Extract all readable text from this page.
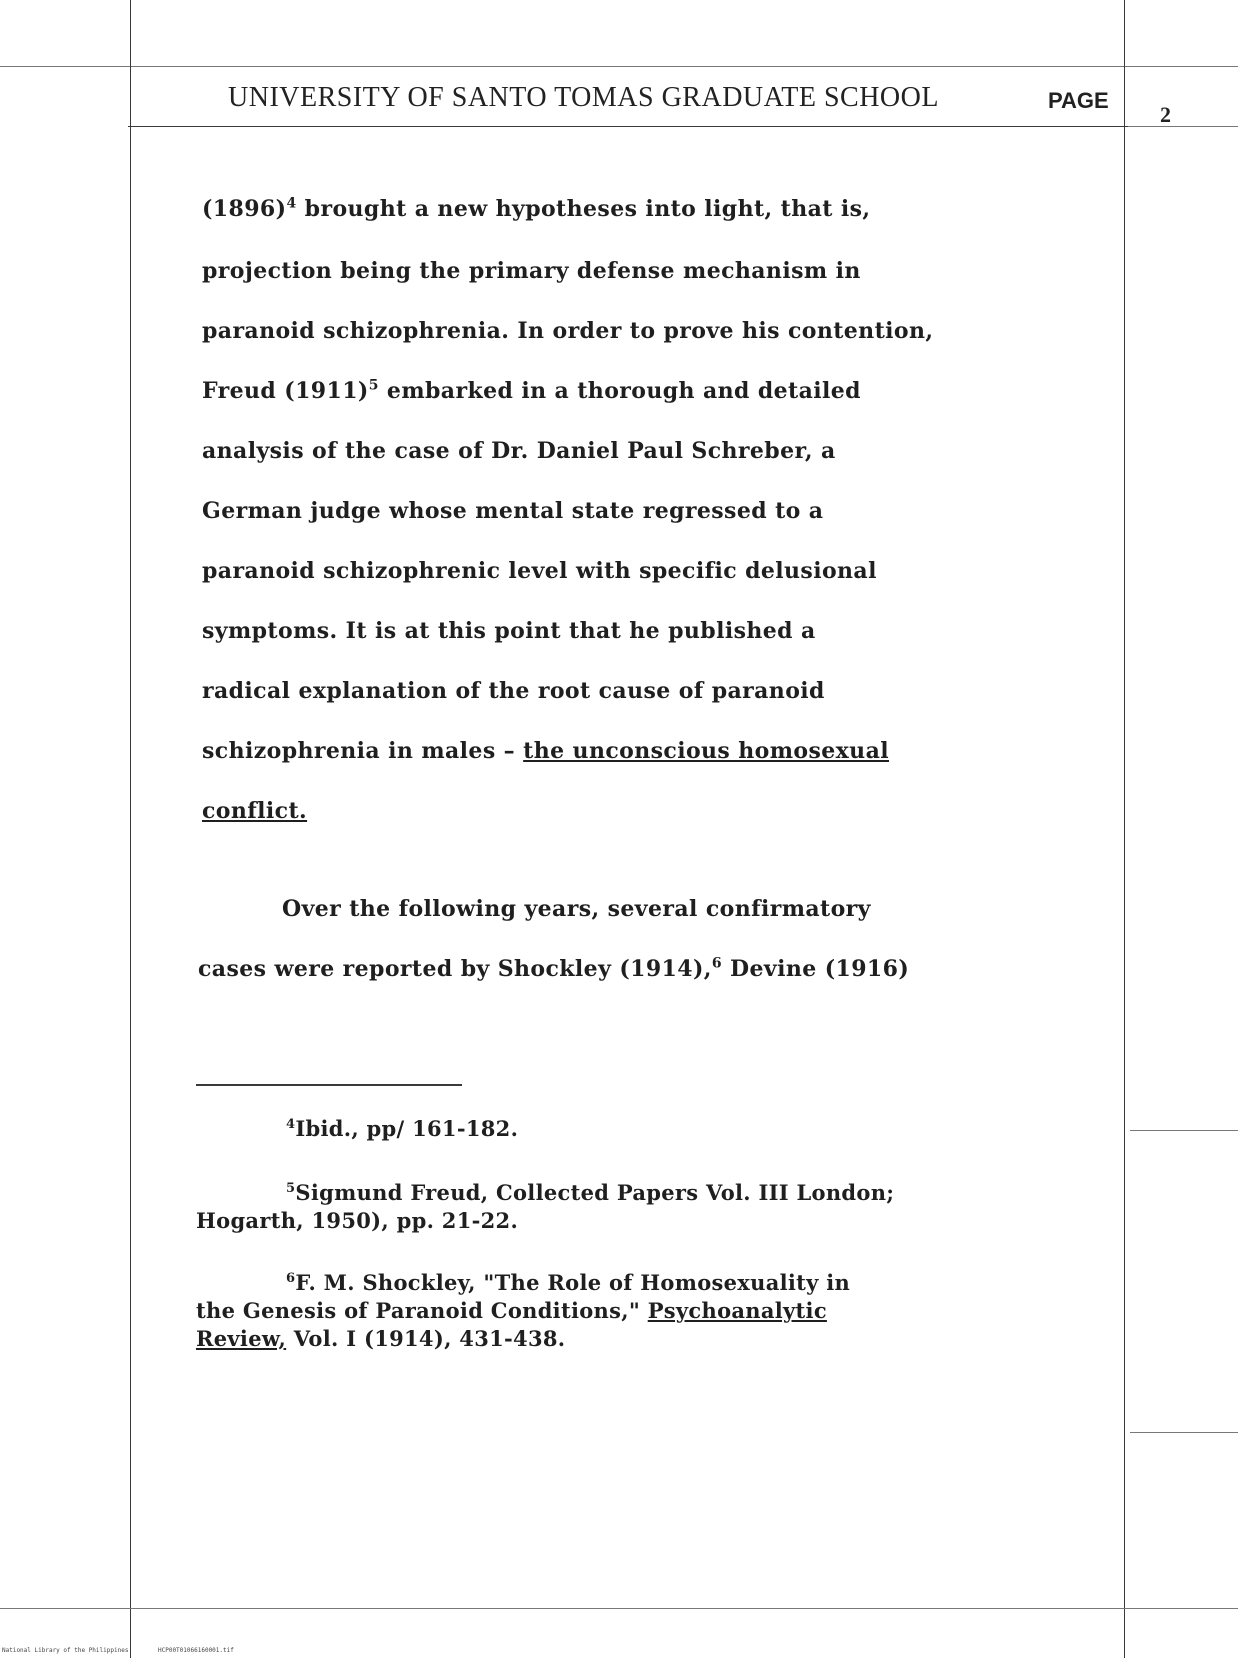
UNIVERSITY OF SANTO TOMAS GRADUATE SCHOOL	PAGE
2
$(1896)^4$ brought a new hypotheses into light, that is,
projection being the primary defense mechanism in
paranoid schizophrenia. In order to prove his contention,
Freud $(1911)^5$ embarked in a thorough and detailed
analysis of the case of Dr. Daniel Paul Schreber, a
German judge whose mental state regressed to a
paranoid schizophrenic level with specific delusional
symptoms. It is at this point that he published a
radical explanation of the root cause of paranoid
schizophrenia in males – the unconscious homosexual
conflict.
Over the following years, several confirmatory
cases were reported by Shockley (1914),$^6$ Devine (1916)
$^4$Ibid., pp/ 161-182.
$^5$Sigmund Freud, Collected Papers Vol. III London;
Hogarth, 1950), pp. 21-22.
$^6$F. M. Shockley, "The Role of Homosexuality in
the Genesis of Paranoid Conditions," Psychoanalytic
Review, Vol. I (1914), 431-438.
National Library of the Philippines	HCP00T01066160001.tif
